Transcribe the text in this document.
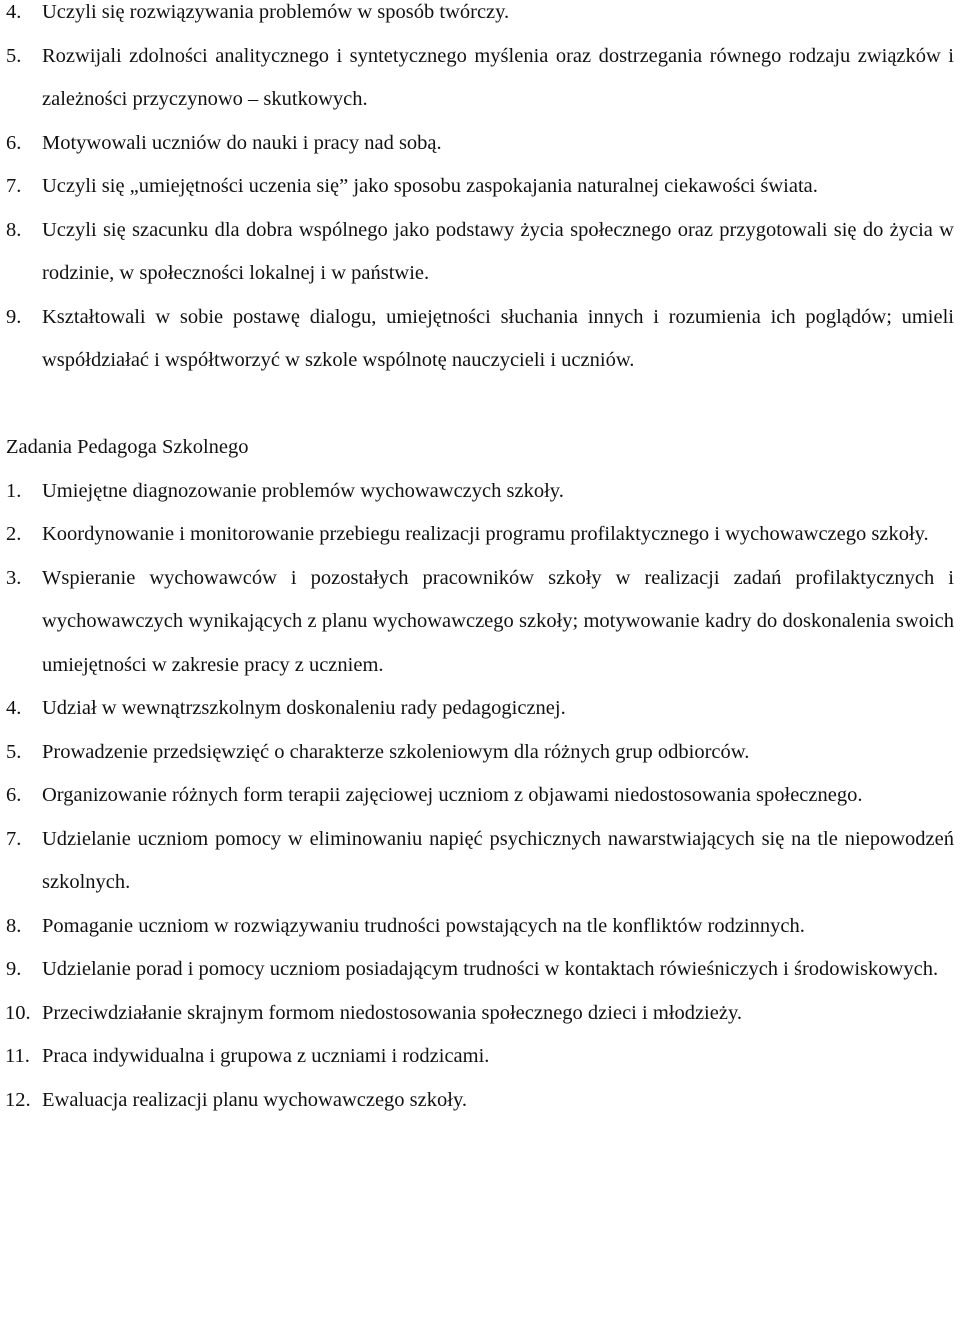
4. Uczyli się rozwiązywania problemów w sposób twórczy.
5. Rozwijali zdolności analitycznego i syntetycznego myślenia oraz dostrzegania równego rodzaju związków i zależności przyczynowo – skutkowych.
6. Motywowali uczniów do nauki i pracy nad sobą.
7. Uczyli się „umiejętności uczenia się” jako sposobu zaspokajania naturalnej ciekawości świata.
8. Uczyli się szacunku dla dobra wspólnego jako podstawy życia społecznego oraz przygotowali się do życia w rodzinie, w społeczności lokalnej i w państwie.
9. Kształtowali w sobie postawę dialogu, umiejętności słuchania innych i rozumienia ich poglądów; umieli współdziałać i współtworzyć w szkole wspólnotę nauczycieli i uczniów.
Zadania Pedagoga Szkolnego
1. Umiejętne diagnozowanie problemów wychowawczych szkoły.
2. Koordynowanie i monitorowanie przebiegu realizacji programu profilaktycznego i wychowawczego szkoły.
3. Wspieranie wychowawców i pozostałych pracowników szkoły w realizacji zadań profilaktycznych i wychowawczych wynikających z planu wychowawczego szkoły; motywowanie kadry do doskonalenia swoich umiejętności w zakresie pracy z uczniem.
4. Udział w wewnątrzszkolnym doskonaleniu rady pedagogicznej.
5. Prowadzenie przedsięwzięć o charakterze szkoleniowym dla różnych grup odbiorców.
6. Organizowanie różnych form terapii zajęciowej uczniom z objawami niedostosowania społecznego.
7. Udzielanie uczniom pomocy w eliminowaniu napięć psychicznych nawarstwiających się na tle niepowodzeń szkolnych.
8. Pomaganie uczniom w rozwiązywaniu trudności powstających na tle konfliktów rodzinnych.
9. Udzielanie porad i pomocy uczniom posiadającym trudności w kontaktach rówieśniczych i środowiskowych.
10. Przeciwdziałanie skrajnym formom niedostosowania społecznego dzieci i młodzieży.
11. Praca indywidualna i grupowa z uczniami i rodzicami.
12. Ewaluacja realizacji planu wychowawczego szkoły.
